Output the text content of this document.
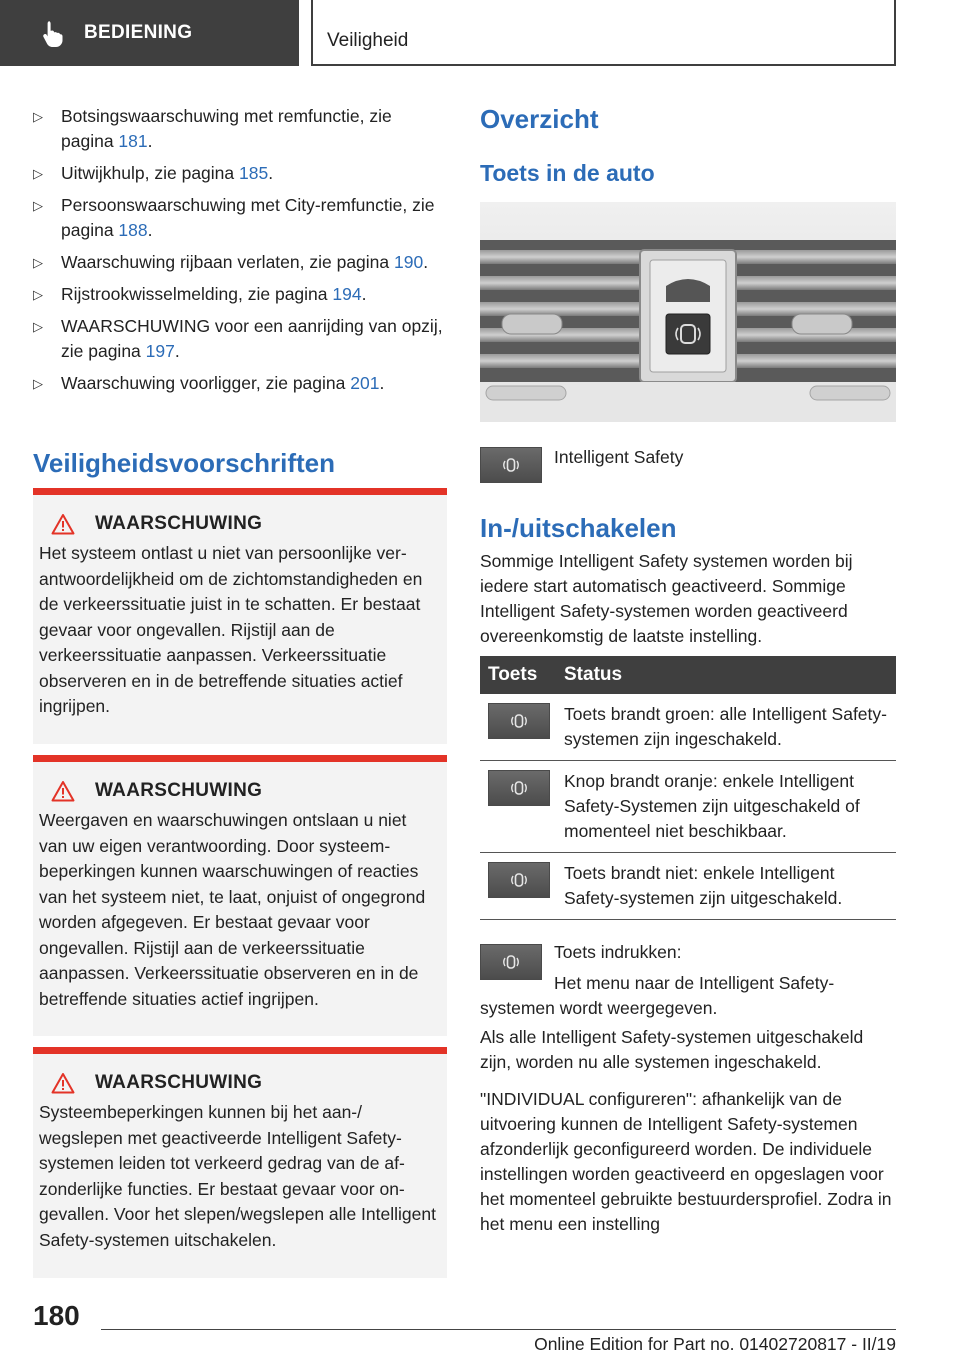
BEDIENING	Veiligheid
▷	Botsingswaarschuwing met remfunctie, zie pagina 181.
▷	Uitwijkhulp, zie pagina 185.
▷	Persoonswaarschuwing met City-remfunctie, zie pagina 188.
▷	Waarschuwing rijbaan verlaten, zie pagina 190.
▷	Rijstrookwisselmelding, zie pagina 194.
▷	WAARSCHUWING voor een aanrijding van opzij, zie pagina 197.
▷	Waarschuwing voorligger, zie pagina 201.
Veiligheidsvoorschriften
WAARSCHUWING
Het systeem ontlast u niet van persoonlijke verantwoordelijkheid om de zichtomstandigheden en de verkeerssituatie juist in te schatten. Er bestaat gevaar voor ongevallen. Rijstijl aan de verkeerssituatie aanpassen. Verkeerssituatie observeren en in de betreffende situaties actief ingrijpen.
WAARSCHUWING
Weergaven en waarschuwingen ontslaan u niet van uw eigen verantwoording. Door systeembeperkingen kunnen waarschuwingen of reacties van het systeem niet, te laat, onjuist of ongegrond worden afgegeven. Er bestaat gevaar voor ongevallen. Rijstijl aan de verkeerssituatie aanpassen. Verkeerssituatie observeren en in de betreffende situaties actief ingrijpen.
WAARSCHUWING
Systeembeperkingen kunnen bij het aan-/ wegslepen met geactiveerde Intelligent Safety-systemen leiden tot verkeerd gedrag van de afzonderlijke functies. Er bestaat gevaar voor ongevallen. Voor het slepen/wegslepen alle Intelligent Safety-systemen uitschakelen.
Overzicht
Toets in de auto
Intelligent Safety
In-/uitschakelen
Sommige Intelligent Safety systemen worden bij iedere start automatisch geactiveerd. Sommige Intelligent Safety-systemen worden geactiveerd overeenkomstig de laatste instelling.
Toets	Status

	Toets brandt groen: alle Intelligent Safety-systemen zijn ingeschakeld.

	Knop brandt oranje: enkele Intelligent Safety-Systemen zijn uitgeschakeld of momenteel niet beschikbaar.

	Toets brandt niet: enkele Intelligent Safety-systemen zijn uitgeschakeld.
Toets indrukken:
Het menu naar de Intelligent Safety-systemen wordt weergegeven.
Als alle Intelligent Safety-systemen uitgeschakeld zijn, worden nu alle systemen ingeschakeld.
"INDIVIDUAL configureren": afhankelijk van de uitvoering kunnen de Intelligent Safety-systemen afzonderlijk geconfigureerd worden. De individuele instellingen worden geactiveerd en opgeslagen voor het momenteel gebruikte bestuurdersprofiel. Zodra in het menu een instelling
180
Online Edition for Part no. 01402720817 - II/19
